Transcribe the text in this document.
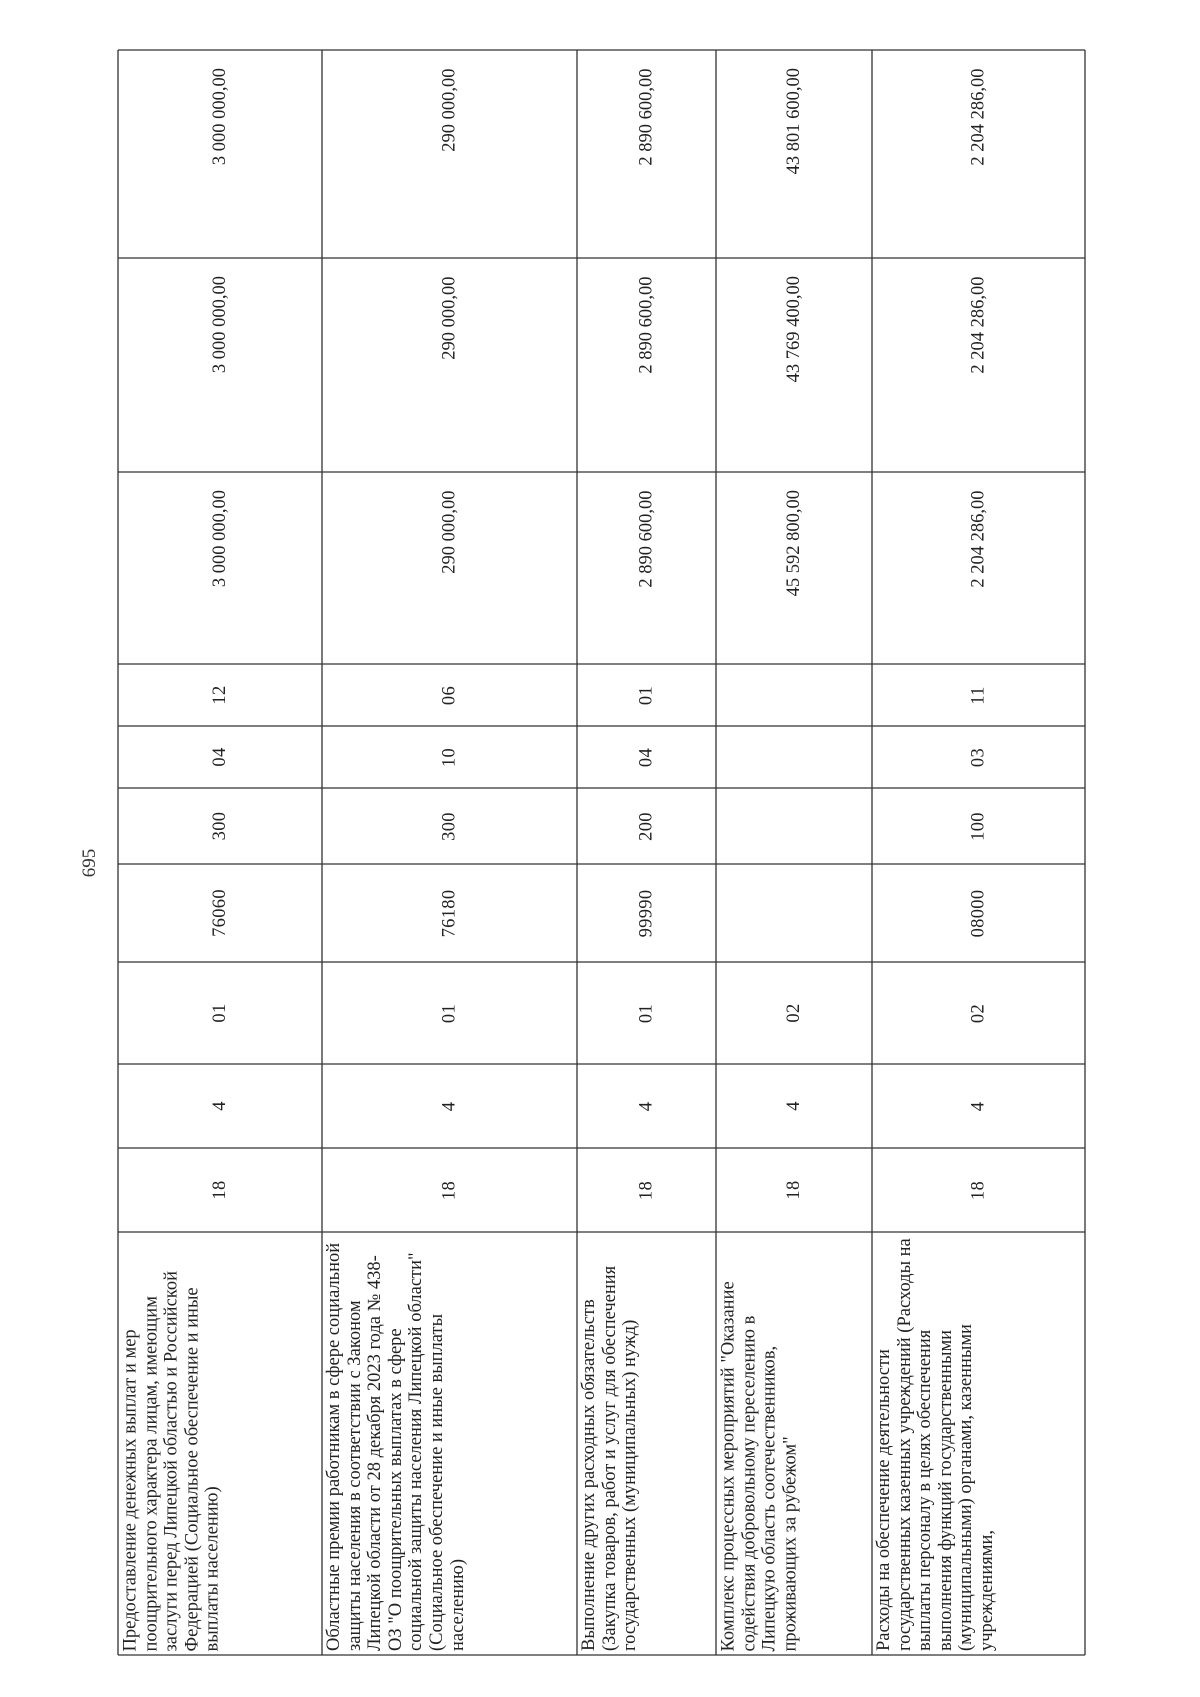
695
Предоставление денежных выплат и мер поощрительного характера лицам, имеющим заслуги перед Липецкой областью и Российской Федерацией (Социальное обеспечение и иные выплаты населению)
18
4
01
76060
300
04
12
3 000 000,00
3 000 000,00
3 000 000,00
Областные премии работникам в сфере социальной защиты населения в соответствии с Законом Липецкой области от 28 декабря 2023 года № 438-ОЗ "О поощрительных выплатах в сфере социальной защиты населения Липецкой области" (Социальное обеспечение и иные выплаты населению)
18
4
01
76180
300
10
06
290 000,00
290 000,00
290 000,00
Выполнение других расходных обязательств (Закупка товаров, работ и услуг для обеспечения государственных (муниципальных) нужд)
18
4
01
99990
200
04
01
2 890 600,00
2 890 600,00
2 890 600,00
Комплекс процессных мероприятий "Оказание содействия добровольному переселению в Липецкую область соотечественников, проживающих за рубежом"
18
4
02
45 592 800,00
43 769 400,00
43 801 600,00
Расходы на обеспечение деятельности государственных казенных учреждений (Расходы на выплаты персоналу в целях обеспечения выполнения функций государственными (муниципальными) органами, казенными учреждениями,
18
4
02
08000
100
03
11
2 204 286,00
2 204 286,00
2 204 286,00
